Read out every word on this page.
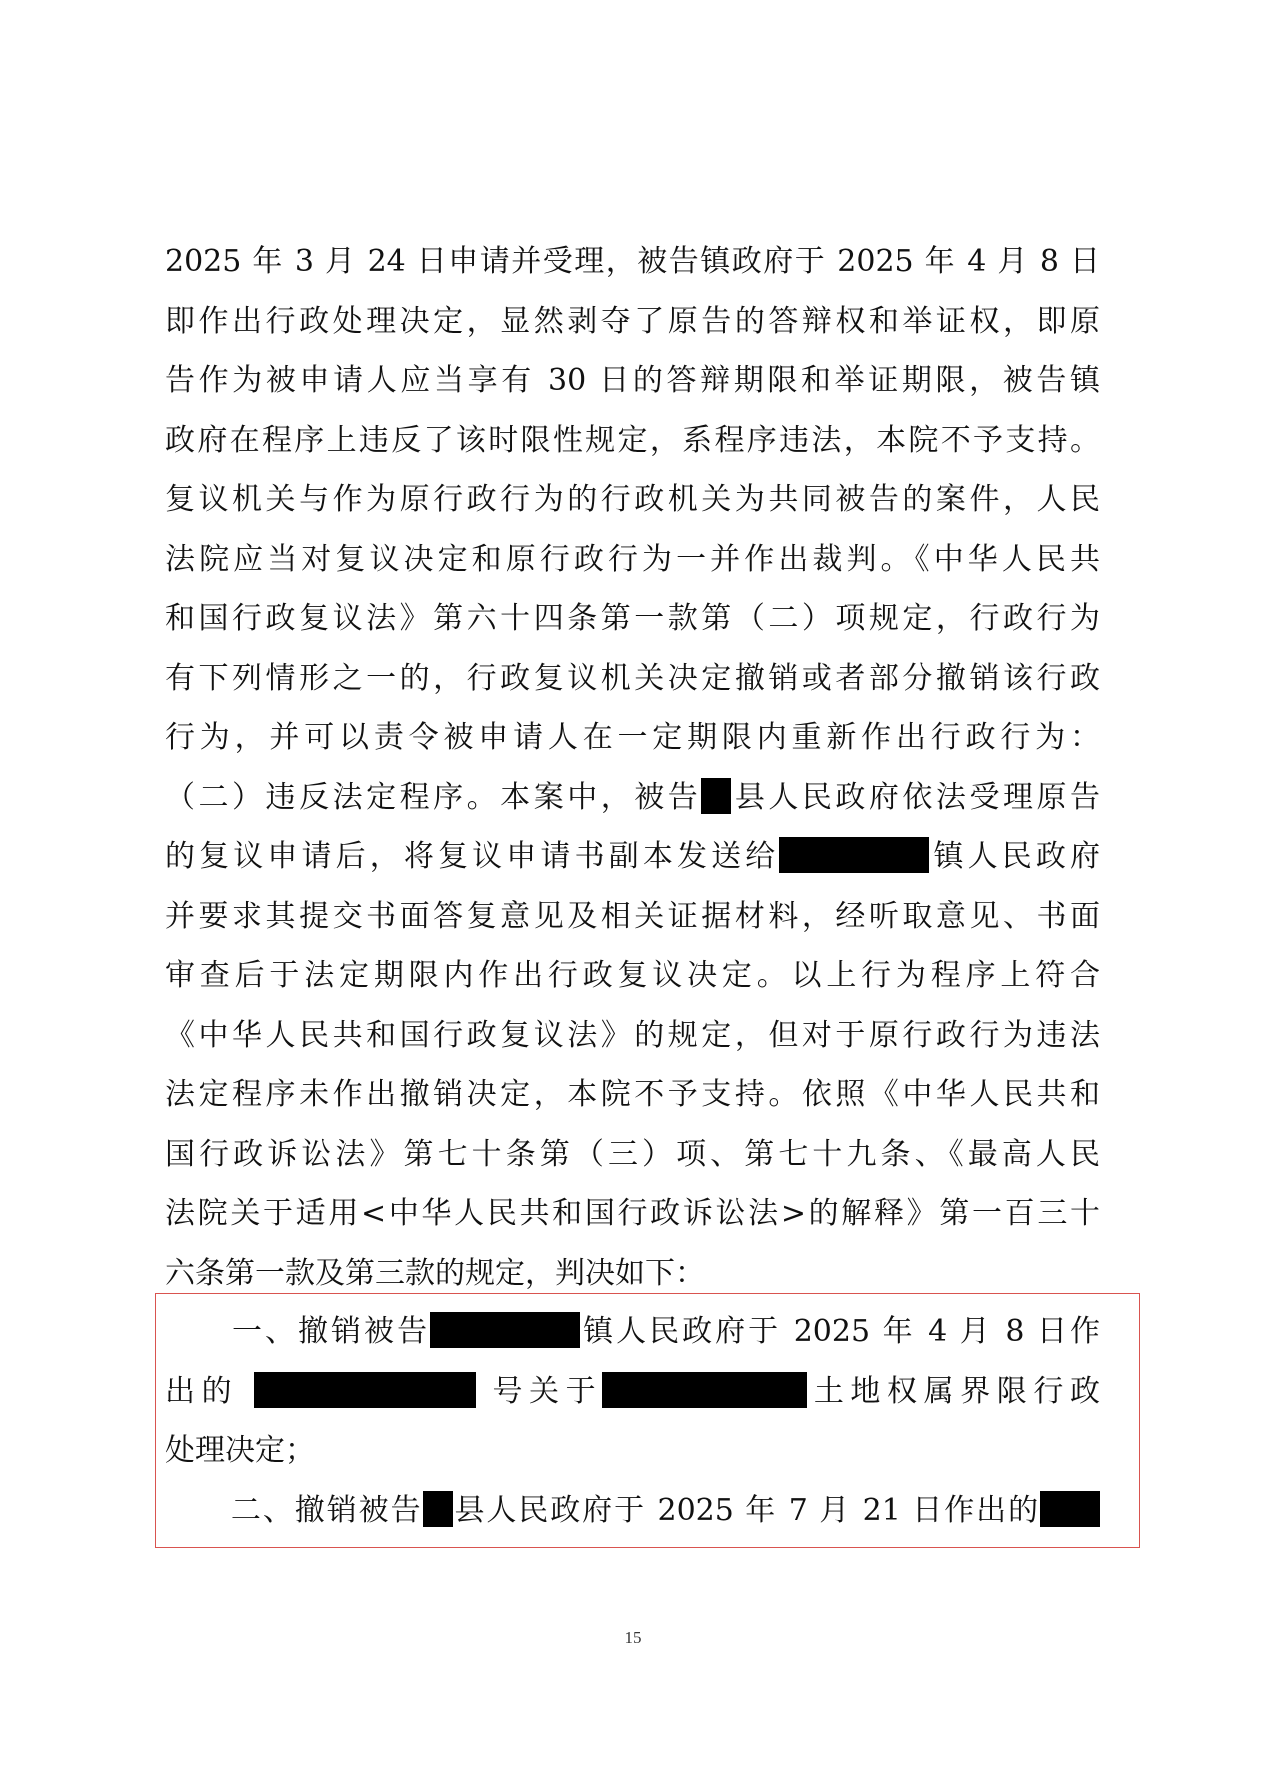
2025 年 3 月 24 日申请并受理，被告镇政府于 2025 年 4 月 8 日
即作出行政处理决定，显然剥夺了原告的答辩权和举证权，即原
告作为被申请人应当享有 30 日的答辩期限和举证期限，被告镇
政府在程序上违反了该时限性规定，系程序违法，本院不予支持。
复议机关与作为原行政行为的行政机关为共同被告的案件，人民
法院应当对复议决定和原行政行为一并作出裁判。《中华人民共
和国行政复议法》第六十四条第一款第（二）项规定，行政行为
有下列情形之一的，行政复议机关决定撤销或者部分撤销该行政
行为，并可以责令被申请人在一定期限内重新作出行政行为：
（二）违反法定程序。本案中，被告 县人民政府依法受理原告
的复议申请后，将复议申请书副本发送给	镇人民政府
并要求其提交书面答复意见及相关证据材料，经听取意见、书面
审查后于法定期限内作出行政复议决定。以上行为程序上符合
《中华人民共和国行政复议法》的规定，但对于原行政行为违法
法定程序未作出撤销决定，本院不予支持。依照《中华人民共和
国行政诉讼法》第七十条第（三）项、第七十九条、《最高人民
法院关于适用<中华人民共和国行政诉讼法>的解释》第一百三十
六条第一款及第三款的规定，判决如下：
一、撤销被告	镇人民政府于 2025 年 4 月 8 日作
出的	号关于	土地权属界限行政
处理决定；
二、撤销被告 县人民政府于 2025 年 7 月 21 日作出的
15
